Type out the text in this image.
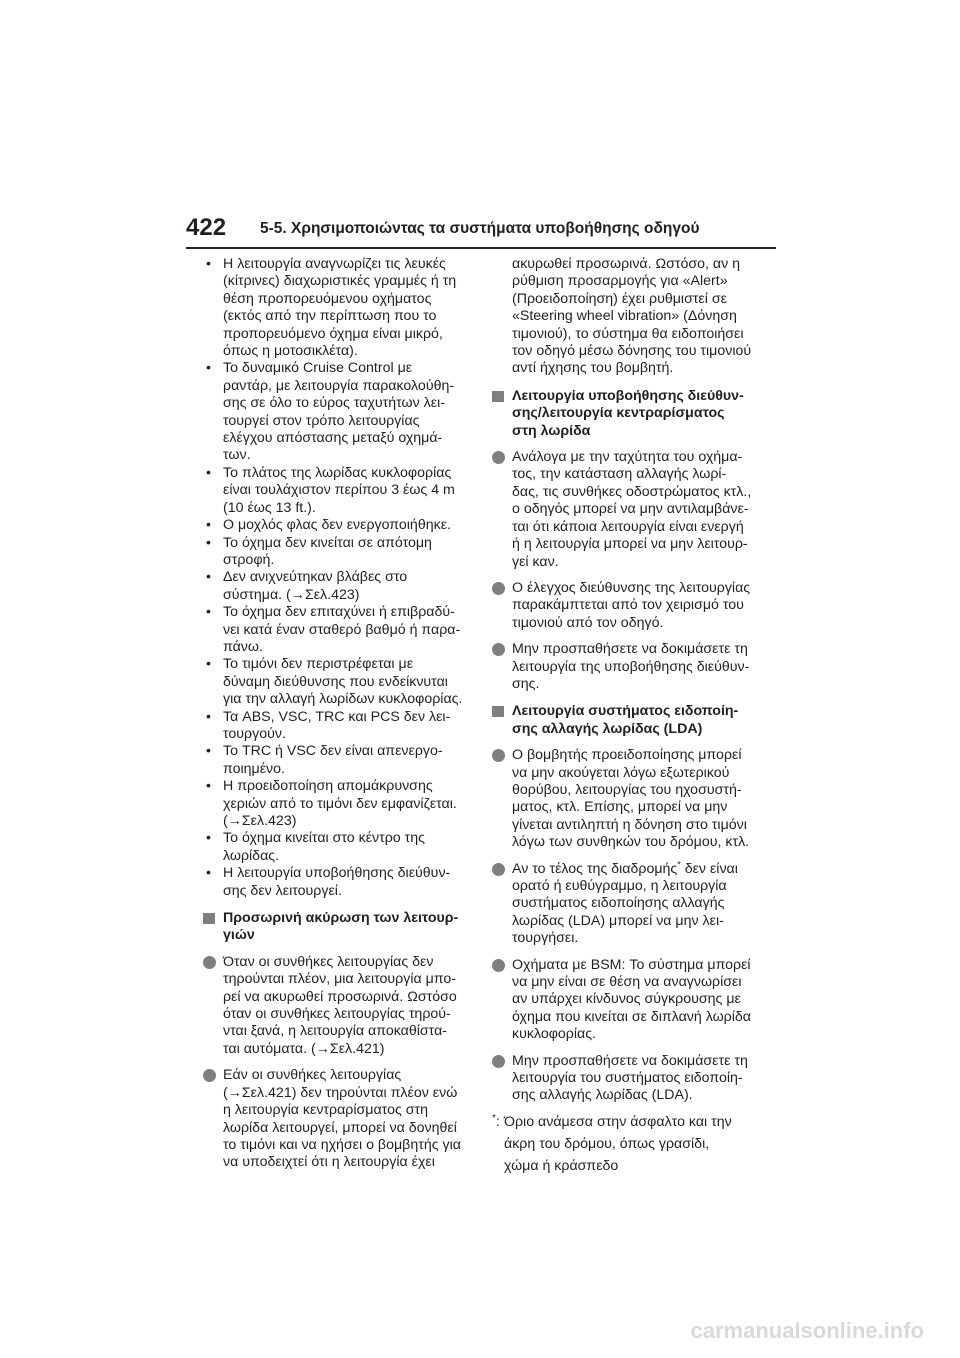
422 5-5. Χρησιμοποιώντας τα συστήματα υποβοήθησης οδηγού
• Η λειτουργία αναγνωρίζει τις λευκές
(κίτρινες) διαχωριστικές γραμμές ή τη
θέση προπορευόμενου οχήματος
(εκτός από την περίπτωση που το
προπορευόμενο όχημα είναι μικρό,
όπως η μοτοσικλέτα).
• Το δυναμικό Cruise Control με
ραντάρ, με λειτουργία παρακολούθη-
σης σε όλο το εύρος ταχυτήτων λει-
τουργεί στον τρόπο λειτουργίας
ελέγχου απόστασης μεταξύ οχημά-
των.
• Το πλάτος της λωρίδας κυκλοφορίας
είναι τουλάχιστον περίπου 3 έως 4 m
(10 έως 13 ft.).
• Ο μοχλός φλας δεν ενεργοποιήθηκε.
• Το όχημα δεν κινείται σε απότομη
στροφή.
• Δεν ανιχνεύτηκαν βλάβες στο
σύστημα. (→Σελ.423)
• Το όχημα δεν επιταχύνει ή επιβραδύ-
νει κατά έναν σταθερό βαθμό ή παρα-
πάνω.
• Το τιμόνι δεν περιστρέφεται με
δύναμη διεύθυνσης που ενδείκνυται
για την αλλαγή λωρίδων κυκλοφορίας.
• Τα ABS, VSC, TRC και PCS δεν λει-
τουργούν.
• Το TRC ή VSC δεν είναι απενεργο-
ποιημένο.
• Η προειδοποίηση απομάκρυνσης
χεριών από το τιμόνι δεν εμφανίζεται.
(→Σελ.423)
• Το όχημα κινείται στο κέντρο της
λωρίδας.
• Η λειτουργία υποβοήθησης διεύθυν-
σης δεν λειτουργεί.
Προσωρινή ακύρωση των λειτουρ-
γιών
Όταν οι συνθήκες λειτουργίας δεν
τηρούνται πλέον, μια λειτουργία μπο-
ρεί να ακυρωθεί προσωρινά. Ωστόσο
όταν οι συνθήκες λειτουργίας τηρού-
νται ξανά, η λειτουργία αποκαθίστα-
ται αυτόματα. (→Σελ.421)
Εάν οι συνθήκες λειτουργίας
(→Σελ.421) δεν τηρούνται πλέον ενώ
η λειτουργία κεντραρίσματος στη
λωρίδα λειτουργεί, μπορεί να δονηθεί
το τιμόνι και να ηχήσει ο βομβητής για
να υποδειχτεί ότι η λειτουργία έχει
ακυρωθεί προσωρινά. Ωστόσο, αν η
ρύθμιση προσαρμογής για «Alert»
(Προειδοποίηση) έχει ρυθμιστεί σε
«Steering wheel vibration» (Δόνηση
τιμονιού), το σύστημα θα ειδοποιήσει
τον οδηγό μέσω δόνησης του τιμονιού
αντί ήχησης του βομβητή.
Λειτουργία υποβοήθησης διεύθυν-
σης/λειτουργία κεντραρίσματος
στη λωρίδα
Ανάλογα με την ταχύτητα του οχήμα-
τος, την κατάσταση αλλαγής λωρί-
δας, τις συνθήκες οδοστρώματος κτλ.,
ο οδηγός μπορεί να μην αντιλαμβάνε-
ται ότι κάποια λειτουργία είναι ενεργή
ή η λειτουργία μπορεί να μην λειτουρ-
γεί καν.
Ο έλεγχος διεύθυνσης της λειτουργίας
παρακάμπτεται από τον χειρισμό του
τιμονιού από τον οδηγό.
Μην προσπαθήσετε να δοκιμάσετε τη
λειτουργία της υποβοήθησης διεύθυν-
σης.
Λειτουργία συστήματος ειδοποίη-
σης αλλαγής λωρίδας (LDA)
Ο βομβητής προειδοποίησης μπορεί
να μην ακούγεται λόγω εξωτερικού
θορύβου, λειτουργίας του ηχοσυστή-
ματος, κτλ. Επίσης, μπορεί να μην
γίνεται αντιληπτή η δόνηση στο τιμόνι
λόγω των συνθηκών του δρόμου, κτλ.
Αν το τέλος της διαδρομής* δεν είναι
ορατό ή ευθύγραμμο, η λειτουργία
συστήματος ειδοποίησης αλλαγής
λωρίδας (LDA) μπορεί να μην λει-
τουργήσει.
Οχήματα με BSM: Το σύστημα μπορεί
να μην είναι σε θέση να αναγνωρίσει
αν υπάρχει κίνδυνος σύγκρουσης με
όχημα που κινείται σε διπλανή λωρίδα
κυκλοφορίας.
Μην προσπαθήσετε να δοκιμάσετε τη
λειτουργία του συστήματος ειδοποίη-
σης αλλαγής λωρίδας (LDA).
*: Όριο ανάμεσα στην άσφαλτο και την
άκρη του δρόμου, όπως γρασίδι,
χώμα ή κράσπεδο
carmanualsonline.info
